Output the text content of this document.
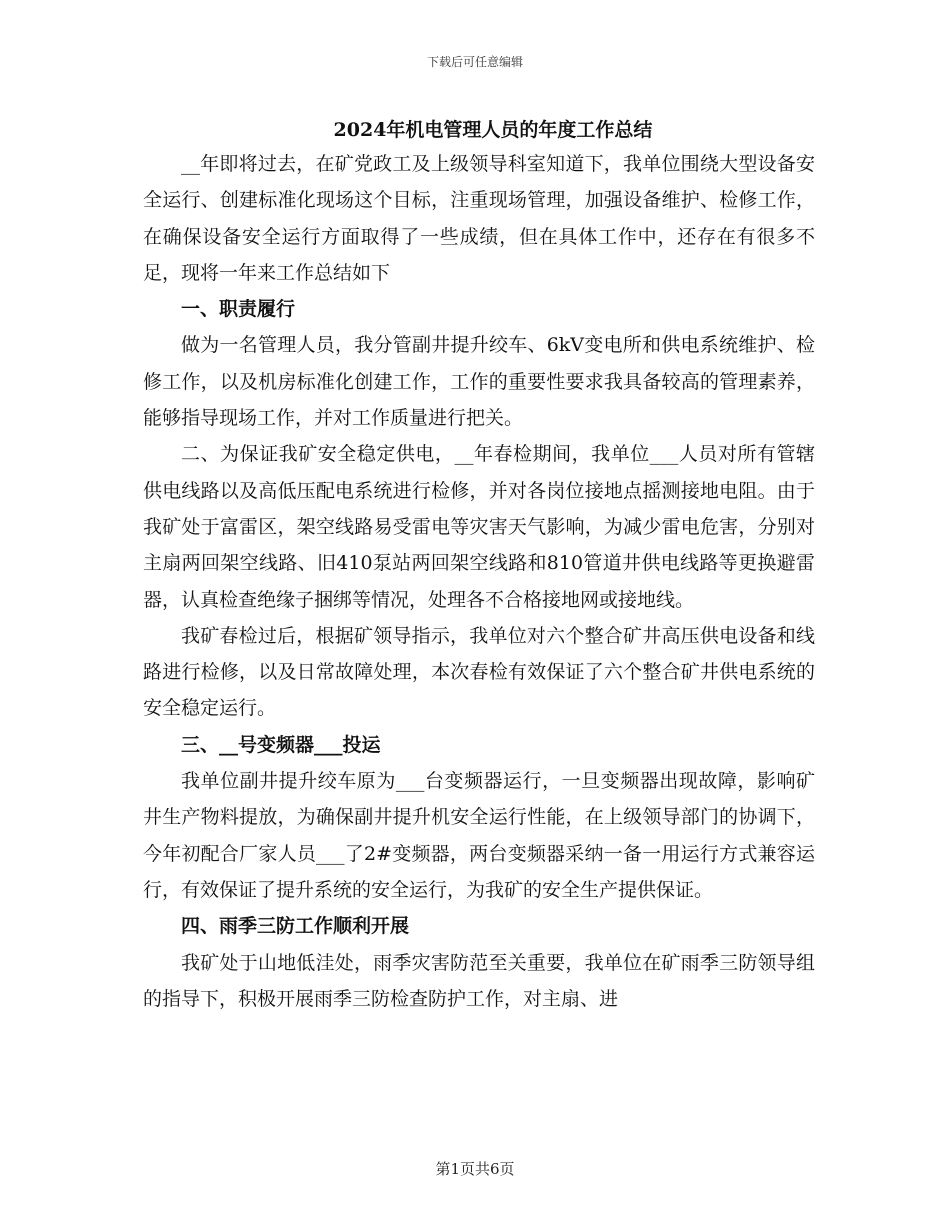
下载后可任意编辑
2024年机电管理人员的年度工作总结

__年即将过去，在矿党政工及上级领导科室知道下，我单位围绕大型设备安全运行、创建标准化现场这个目标，注重现场管理，加强设备维护、检修工作，在确保设备安全运行方面取得了一些成绩，但在具体工作中，还存在有很多不足，现将一年来工作总结如下

一、职责履行

做为一名管理人员，我分管副井提升绞车、6kV变电所和供电系统维护、检修工作，以及机房标准化创建工作，工作的重要性要求我具备较高的管理素养，能够指导现场工作，并对工作质量进行把关。

二、为保证我矿安全稳定供电，__年春检期间，我单位___人员对所有管辖供电线路以及高低压配电系统进行检修，并对各岗位接地点摇测接地电阻。由于我矿处于富雷区，架空线路易受雷电等灾害天气影响，为减少雷电危害，分别对主扇两回架空线路、旧410泵站两回架空线路和810管道井供电线路等更换避雷器，认真检查绝缘子捆绑等情况，处理各不合格接地网或接地线。

我矿春检过后，根据矿领导指示，我单位对六个整合矿井高压供电设备和线路进行检修，以及日常故障处理，本次春检有效保证了六个整合矿井供电系统的安全稳定运行。

三、__号变频器___投运

我单位副井提升绞车原为___台变频器运行，一旦变频器出现故障，影响矿井生产物料提放，为确保副井提升机安全运行性能，在上级领导部门的协调下，今年初配合厂家人员___了2#变频器，两台变频器采纳一备一用运行方式兼容运行，有效保证了提升系统的安全运行，为我矿的安全生产提供保证。

四、雨季三防工作顺利开展

我矿处于山地低洼处，雨季灾害防范至关重要，我单位在矿雨季三防领导组的指导下，积极开展雨季三防检查防护工作，对主扇、进

第1页共6页
